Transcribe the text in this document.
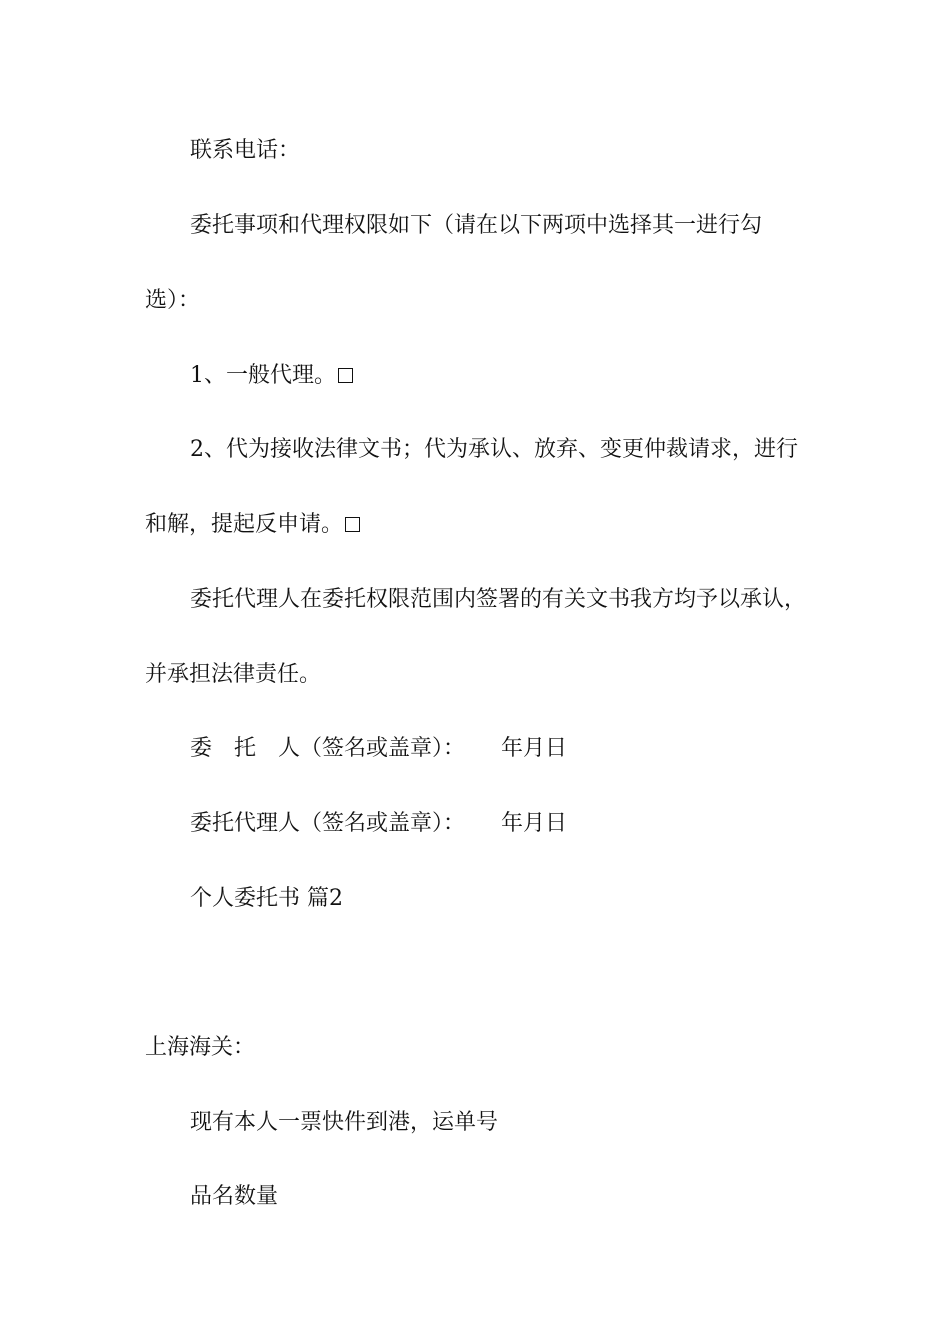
联系电话：
委托事项和代理权限如下（请在以下两项中选择其一进行勾
选）：
1、一般代理。
2、代为接收法律文书；代为承认、放弃、变更仲裁请求，进行
和解，提起反申请。
委托代理人在委托权限范围内签署的有关文书我方均予以承认，
并承担法律责任。
委 托 人（签名或盖章）： 年月日
委托代理人（签名或盖章）： 年月日
个人委托书 篇2
上海海关：
现有本人一票快件到港，运单号
品名数量
